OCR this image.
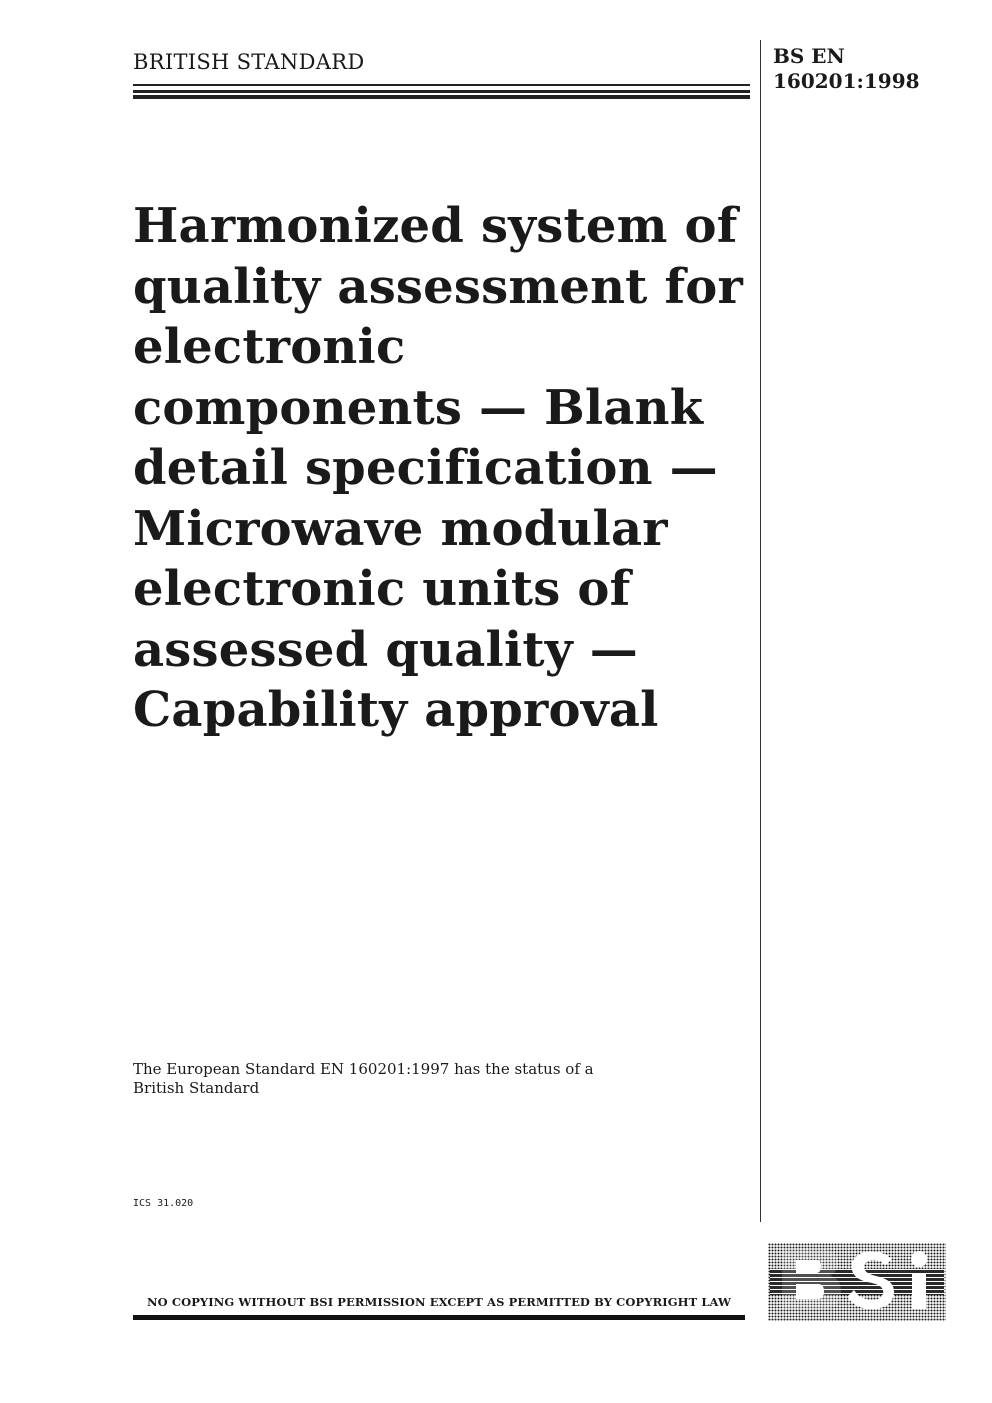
BRITISH STANDARD	BS EN
160201:1998
Harmonized system of
quality assessment for
electronic
components — Blank
detail specification —
Microwave modular
electronic units of
assessed quality —
Capability approval
The European Standard EN 160201:1997 has the status of a
British Standard
ICS 31.020
NO COPYING WITHOUT BSI PERMISSION EXCEPT AS PERMITTED BY COPYRIGHT LAW
